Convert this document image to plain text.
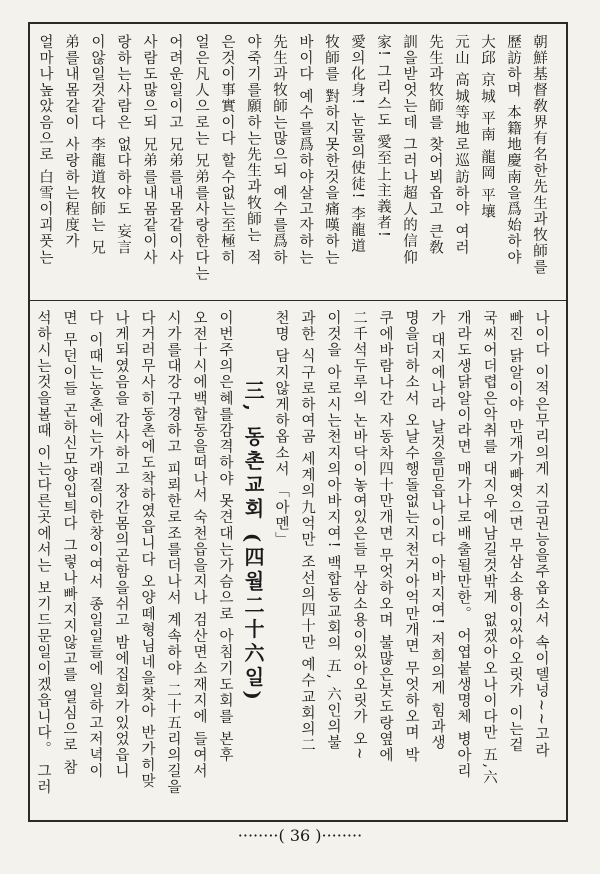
朝鮮基督敎界有名한先生과牧師를
歷訪하며 本籍地慶南을爲始하야
大邱 京城 平南 龍岡 平壤
元山 高城等地로巡訪하야 여러
先生과牧師를 찾어뵈옵고 큰敎
訓을받엇는데 그러나超人的信仰
家! 그리스도 愛至上主義者!
愛의化身! 눈물의使徒! 李龍道
牧師를 對하지못한것을痛嘆하는
바이다 예수를爲하야살고자하는
先生과牧師는많으되 예수를爲하
야죽기를願하는先生과牧師는 적
은것이事實이다 할수없는至極히
얼은凡人으로는 兄弟를사랑한다는
어려운일이고 兄弟를내몸같이사
사람도많으되 兄弟를내몸같이사
랑하는사람은 없다하야도 妄言
이않일것같다 李龍道牧師는 兄
弟를내몸같이 사랑하는程度가
얼마나높았음으로 白雪이괴풋는
나이다 이적은무리의게 지금권능을주옵소서 속이델넝~~고라
빠진 닭알이야 만개가빠엿으면 무삼소용이있아오릿가 이는겉
국씨어더렵은악취를 대지우에남길것밖게 없겠아오나이다만 五,六
개라도생닭알이라면 매가나로배출될만한。 어엽붙생명체 병아리
가 대지에나라 날것을믿읍나이다 아바지여! 저희의게 힘과생
명을더하소서 오날수행돌없는지천거아억만개면 무엇하오며 박
쿠에바람나간 자동차四十만개면 무엇하오며 불많은붓도랑옆에
二千석두루의 논바닥이놓여있은들 무삼소용이있아오릿가 오~
이것을 아로시는천지의아바지여! 백합동교회의 五, 六인의불
과한 식구로하여곰 세계의九억만 조선의四十만 예수교회의二
천명 담지않게하옵소서 「아멘」
三, 동촌교회 (四월二十六일)
이번주의은혜를감격하야 못견대는가슴으로 아침기도회를 본후
오전十시에백합동을떠나서 숙천읍을지나 검산면소재지에 들여서
시가를대강구경하고 피뢰한로조를더나서 계속하야 二十五리의길을
다거러무사히동촌에도착하였읍니다 오양떼형님네을찾아 반가히맞
나게되였음을 감사하고 장간몸의곤함을쉬고 밤에집회가있었읍니
다 이때는농촌에는가래질이한창이여서 종일일들에 일하고저녁이
면 무던이들 곤하신모양입틔다 그렇나빠지지않고를 열심으로 참
석하시는것을볼때 이는다른곳에서는 보기드문일이겠읍니다。 그러
········( 36 )········
